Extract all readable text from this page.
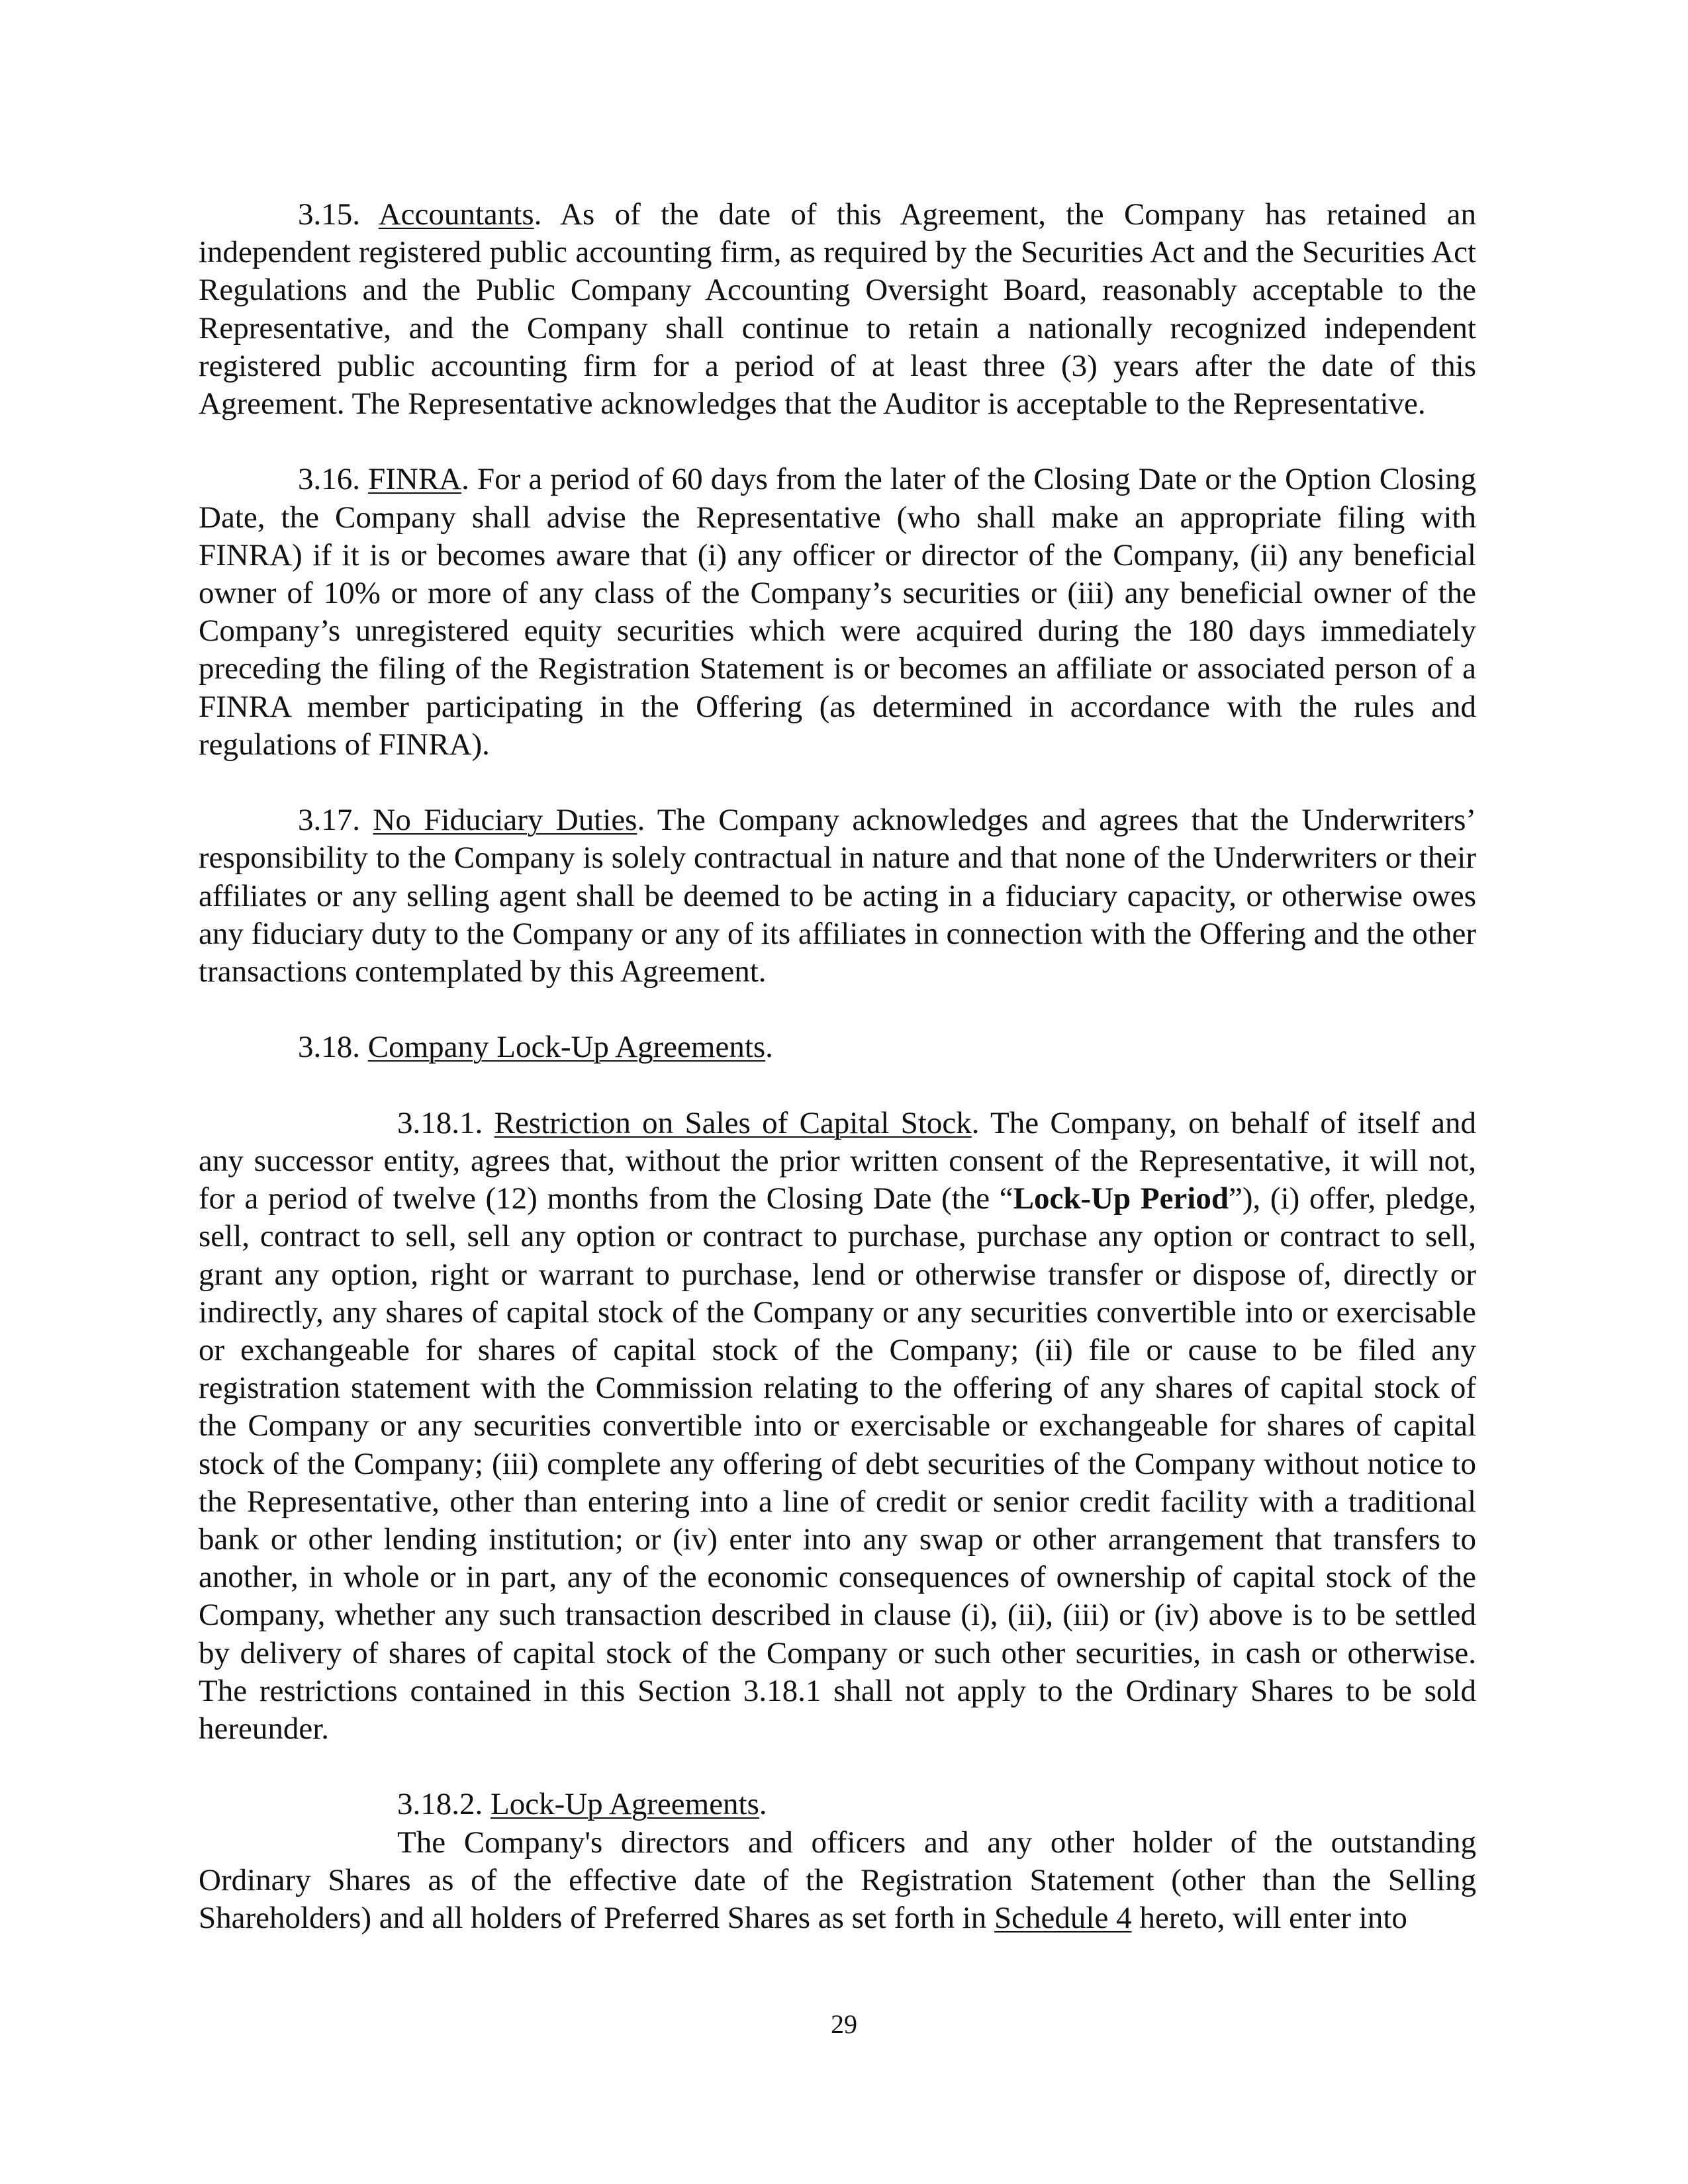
3.15. Accountants. As of the date of this Agreement, the Company has retained an independent registered public accounting firm, as required by the Securities Act and the Securities Act Regulations and the Public Company Accounting Oversight Board, reasonably acceptable to the Representative, and the Company shall continue to retain a nationally recognized independent registered public accounting firm for a period of at least three (3) years after the date of this Agreement. The Representative acknowledges that the Auditor is acceptable to the Representative.

3.16. FINRA. For a period of 60 days from the later of the Closing Date or the Option Closing Date, the Company shall advise the Representative (who shall make an appropriate filing with FINRA) if it is or becomes aware that (i) any officer or director of the Company, (ii) any beneficial owner of 10% or more of any class of the Company’s securities or (iii) any beneficial owner of the Company’s unregistered equity securities which were acquired during the 180 days immediately preceding the filing of the Registration Statement is or becomes an affiliate or associated person of a FINRA member participating in the Offering (as determined in accordance with the rules and regulations of FINRA).

3.17. No Fiduciary Duties. The Company acknowledges and agrees that the Underwriters’ responsibility to the Company is solely contractual in nature and that none of the Underwriters or their affiliates or any selling agent shall be deemed to be acting in a fiduciary capacity, or otherwise owes any fiduciary duty to the Company or any of its affiliates in connection with the Offering and the other transactions contemplated by this Agreement.

3.18. Company Lock-Up Agreements.

3.18.1. Restriction on Sales of Capital Stock. The Company, on behalf of itself and any successor entity, agrees that, without the prior written consent of the Representative, it will not, for a period of twelve (12) months from the Closing Date (the “Lock-Up Period”), (i) offer, pledge, sell, contract to sell, sell any option or contract to purchase, purchase any option or contract to sell, grant any option, right or warrant to purchase, lend or otherwise transfer or dispose of, directly or indirectly, any shares of capital stock of the Company or any securities convertible into or exercisable or exchangeable for shares of capital stock of the Company; (ii) file or cause to be filed any registration statement with the Commission relating to the offering of any shares of capital stock of the Company or any securities convertible into or exercisable or exchangeable for shares of capital stock of the Company; (iii) complete any offering of debt securities of the Company without notice to the Representative, other than entering into a line of credit or senior credit facility with a traditional bank or other lending institution; or (iv) enter into any swap or other arrangement that transfers to another, in whole or in part, any of the economic consequences of ownership of capital stock of the Company, whether any such transaction described in clause (i), (ii), (iii) or (iv) above is to be settled by delivery of shares of capital stock of the Company or such other securities, in cash or otherwise. The restrictions contained in this Section 3.18.1 shall not apply to the Ordinary Shares to be sold hereunder.

3.18.2. Lock-Up Agreements.

The Company's directors and officers and any other holder of the outstanding Ordinary Shares as of the effective date of the Registration Statement (other than the Selling Shareholders) and all holders of Preferred Shares as set forth in Schedule 4 hereto, will enter into

29
